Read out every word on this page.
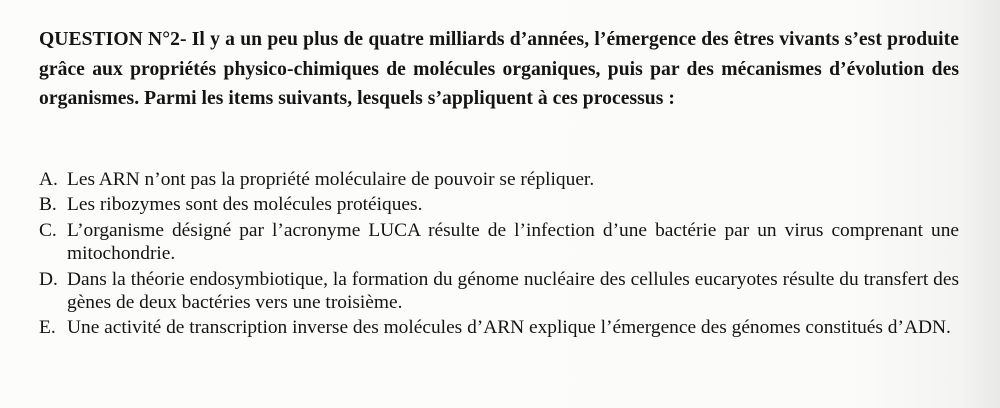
QUESTION N°2- Il y a un peu plus de quatre milliards d’années, l’émergence des êtres vivants s’est produite grâce aux propriétés physico-chimiques de molécules organiques, puis par des mécanismes d’évolution des organismes. Parmi les items suivants, lesquels s’appliquent à ces processus :
A. Les ARN n’ont pas la propriété moléculaire de pouvoir se répliquer.
B. Les ribozymes sont des molécules protéiques.
C. L’organisme désigné par l’acronyme LUCA résulte de l’infection d’une bactérie par un virus comprenant une mitochondrie.
D. Dans la théorie endosymbiotique, la formation du génome nucléaire des cellules eucaryotes résulte du transfert des gènes de deux bactéries vers une troisième.
E. Une activité de transcription inverse des molécules d’ARN explique l’émergence des génomes constitués d’ADN.
